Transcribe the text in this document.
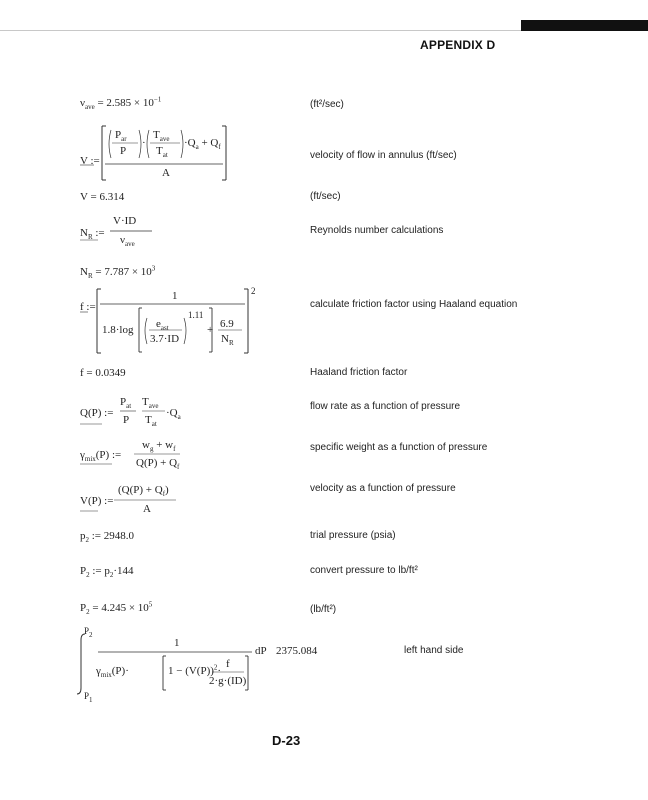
APPENDIX D
(ft²/sec)
velocity of flow in annulus (ft/sec)
(ft/sec)
Reynolds number calculations
calculate friction factor using Haaland equation
Haaland friction factor
flow rate as a function of pressure
specific weight as a function of pressure
velocity as a function of pressure
trial pressure (psia)
convert pressure to lb/ft²
(lb/ft²)
left hand side
$\nu_{ave} = 2.585 \times 10^{-1}$
V :=
$P_{ar}$
P
·
$T_{ave}$
$T_{at}$
$\cdot Q_a + Q_f$
A
V = 6.314
$N_R$ :=
V·ID
$\nu_{ave}$
$N_R = 7.787 \times 10^3$
f :=
1
1.8·log $e_{ast}$
3.7·ID
1.11
+ 6.9
$N_R$
2
f = 0.0349
Q(P) :=
$P_{at}$
P
$T_{ave}$
$T_{at}$
$\cdot Q_a$
$\gamma_{mix}(P)$ :=
$w_g + w_f$
$Q(P) + Q_f$
V(P) :=
$(Q(P) + Q_f)$
A
$p_2$ := 2948.0
$P_2$ := $p_2\cdot 144$
$P_2 = 4.245 \times 10^5$
$P_2$
$P_1$
1
$\gamma_{mix}(P)\cdot$	$1 - (V(P))^2\cdot$
f
2·g·(ID)
dP 2375.084
D-23
